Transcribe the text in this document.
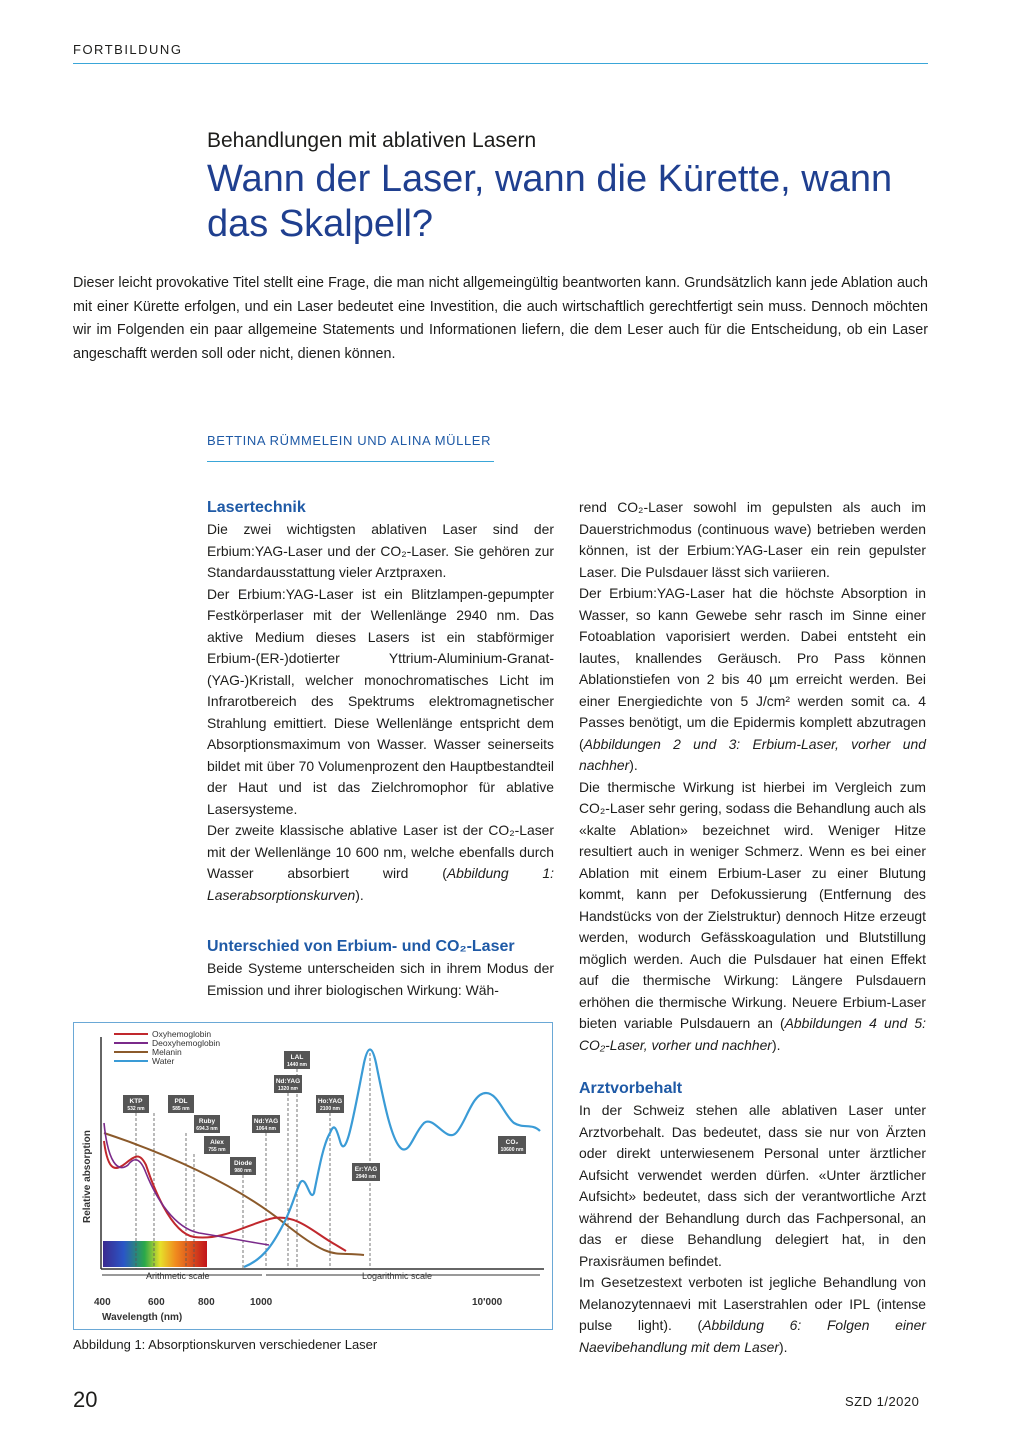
FORTBILDUNG
Behandlungen mit ablativen Lasern
Wann der Laser, wann die Kürette, wann das Skalpell?
Dieser leicht provokative Titel stellt eine Frage, die man nicht allgemeingültig beantworten kann. Grundsätzlich kann jede Ablation auch mit einer Kürette erfolgen, und ein Laser bedeutet eine Investition, die auch wirtschaftlich gerechtfertigt sein muss. Dennoch möchten wir im Folgenden ein paar allgemeine Statements und Informationen liefern, die dem Leser auch für die Entscheidung, ob ein Laser angeschafft werden soll oder nicht, dienen können.
BETTINA RÜMMELEIN UND ALINA MÜLLER
Lasertechnik

Die zwei wichtigsten ablativen Laser sind der Erbium:YAG-Laser und der CO₂-Laser. Sie gehören zur Standardausstattung vieler Arztpraxen.

Der Erbium:YAG-Laser ist ein Blitzlampen-gepumpter Festkörperlaser mit der Wellenlänge 2940 nm. Das aktive Medium dieses Lasers ist ein stabförmiger Erbium-(ER-)dotierter Yttrium-Aluminium-Granat-(YAG-)Kristall, welcher monochromatisches Licht im Infrarotbereich des Spektrums elektromagnetischer Strahlung emittiert. Diese Wellenlänge entspricht dem Absorptionsmaximum von Wasser. Wasser seinerseits bildet mit über 70 Volumenprozent den Hauptbestandteil der Haut und ist das Zielchromophor für ablative Lasersysteme.

Der zweite klassische ablative Laser ist der CO₂-Laser mit der Wellenlänge 10 600 nm, welche ebenfalls durch Wasser absorbiert wird (Abbildung 1: Laserabsorptionskurven).

Unterschied von Erbium- und CO₂-Laser

Beide Systeme unterscheiden sich in ihrem Modus der Emission und ihrer biologischen Wirkung: Wäh-

rend CO₂-Laser sowohl im gepulsten als auch im Dauerstrichmodus (continuous wave) betrieben werden können, ist der Erbium:YAG-Laser ein rein gepulster Laser. Die Pulsdauer lässt sich variieren.

Der Erbium:YAG-Laser hat die höchste Absorption in Wasser, so kann Gewebe sehr rasch im Sinne einer Fotoablation vaporisiert werden. Dabei entsteht ein lautes, knallendes Geräusch. Pro Pass können Ablationstiefen von 2 bis 40 µm erreicht werden. Bei einer Energiedichte von 5 J/cm² werden somit ca. 4 Passes benötigt, um die Epidermis komplett abzutragen (Abbildungen 2 und 3: Erbium-Laser, vorher und nachher).

Die thermische Wirkung ist hierbei im Vergleich zum CO₂-Laser sehr gering, sodass die Behandlung auch als «kalte Ablation» bezeichnet wird. Weniger Hitze resultiert auch in weniger Schmerz. Wenn es bei einer Ablation mit einem Erbium-Laser zu einer Blutung kommt, kann per Defokussierung (Entfernung des Handstücks von der Zielstruktur) dennoch Hitze erzeugt werden, wodurch Gefässkoagulation und Blutstillung möglich werden. Auch die Pulsdauer hat einen Effekt auf die thermische Wirkung: Längere Pulsdauern erhöhen die thermische Wirkung. Neuere Erbium-Laser bieten variable Pulsdauern an (Abbildungen 4 und 5: CO₂-Laser, vorher und nachher).

Arztvorbehalt

In der Schweiz stehen alle ablativen Laser unter Arztvorbehalt. Das bedeutet, dass sie nur von Ärzten oder direkt unterwiesenem Personal unter ärztlicher Aufsicht verwendet werden dürfen. «Unter ärztlicher Aufsicht» bedeutet, dass sich der verantwortliche Arzt während der Behandlung durch das Fachpersonal, an das er diese Behandlung delegiert hat, in den Praxisräumen befindet.

Im Gesetzestext verboten ist jegliche Behandlung von Melanozytennaevi mit Laserstrahlen oder IPL (intense pulse light). (Abbildung 6: Folgen einer Naevibehandlung mit dem Laser).

Relative absorption
Arithmetic scale	Logarithmic scale
400	600	800	1000	10'000
Wavelength (nm)
Oxyhemoglobin
Deoxyhemoglobin
Melanin
Water
KTP
532 nm
PDL
585 nm
Ruby
694.3 nm
Alex
755 nm
Diode
980 nm
Nd:YAG
1064 nm
Nd:YAG
1320 nm
LAL
1440 nm
Ho:YAG
2100 nm
Er:YAG
2940 nm
CO₂
10600 nm
Abbildung 1: Absorptionskurven verschiedener Laser
20	SZD 1/2020
